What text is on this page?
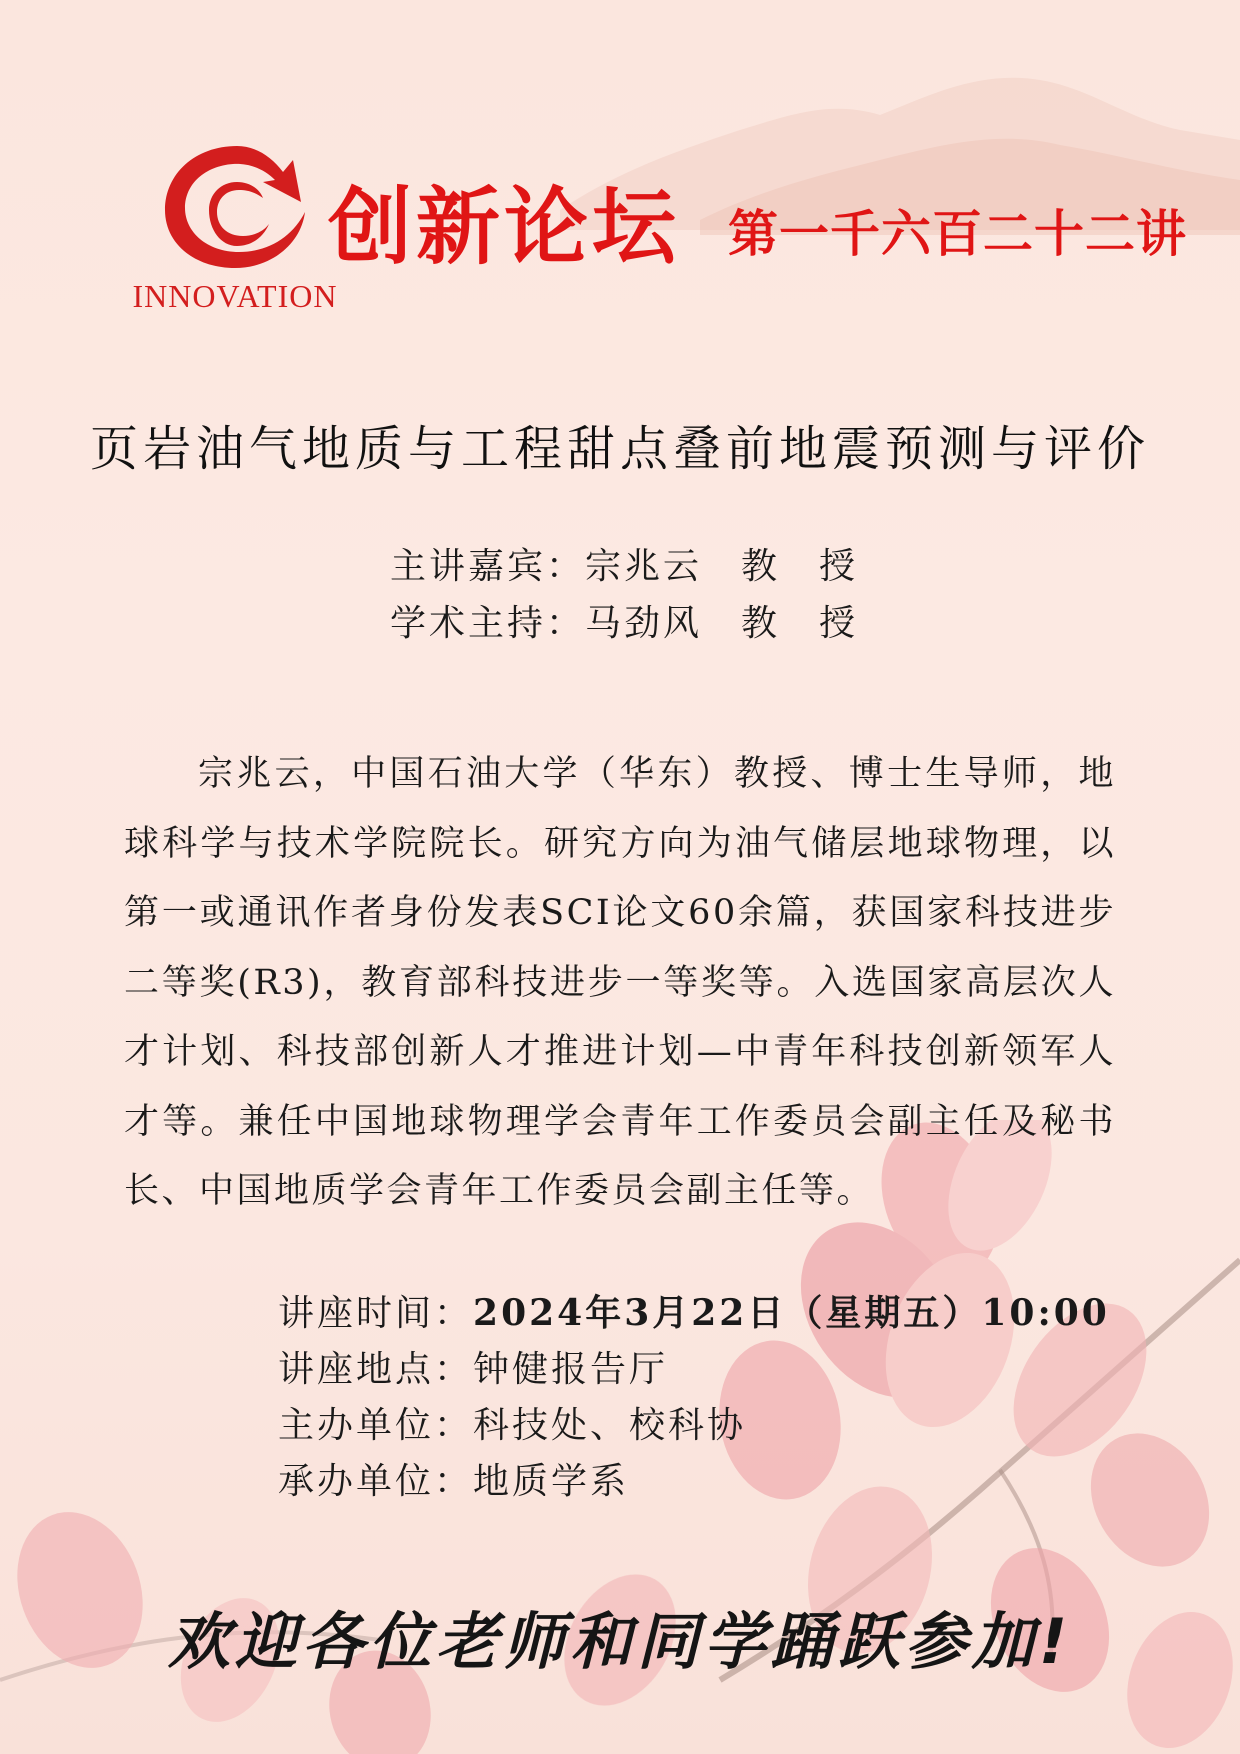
INNOVATION
创新论坛 第一千六百二十二讲
页岩油气地质与工程甜点叠前地震预测与评价
主讲嘉宾：宗兆云　 教　授
学术主持：马劲风　 教　授
宗兆云，中国石油大学（华东）教授、博士生导师，地球科学与技术学院院长。研究方向为油气储层地球物理，以第一或通讯作者身份发表SCI论文60余篇，获国家科技进步二等奖(R3)，教育部科技进步一等奖等。入选国家高层次人才计划、科技部创新人才推进计划—中青年科技创新领军人才等。兼任中国地球物理学会青年工作委员会副主任及秘书长、中国地质学会青年工作委员会副主任等。
讲座时间：2024年3月22日（星期五）10:00
讲座地点：钟健报告厅
主办单位：科技处、校科协
承办单位：地质学系
欢迎各位老师和同学踊跃参加!
